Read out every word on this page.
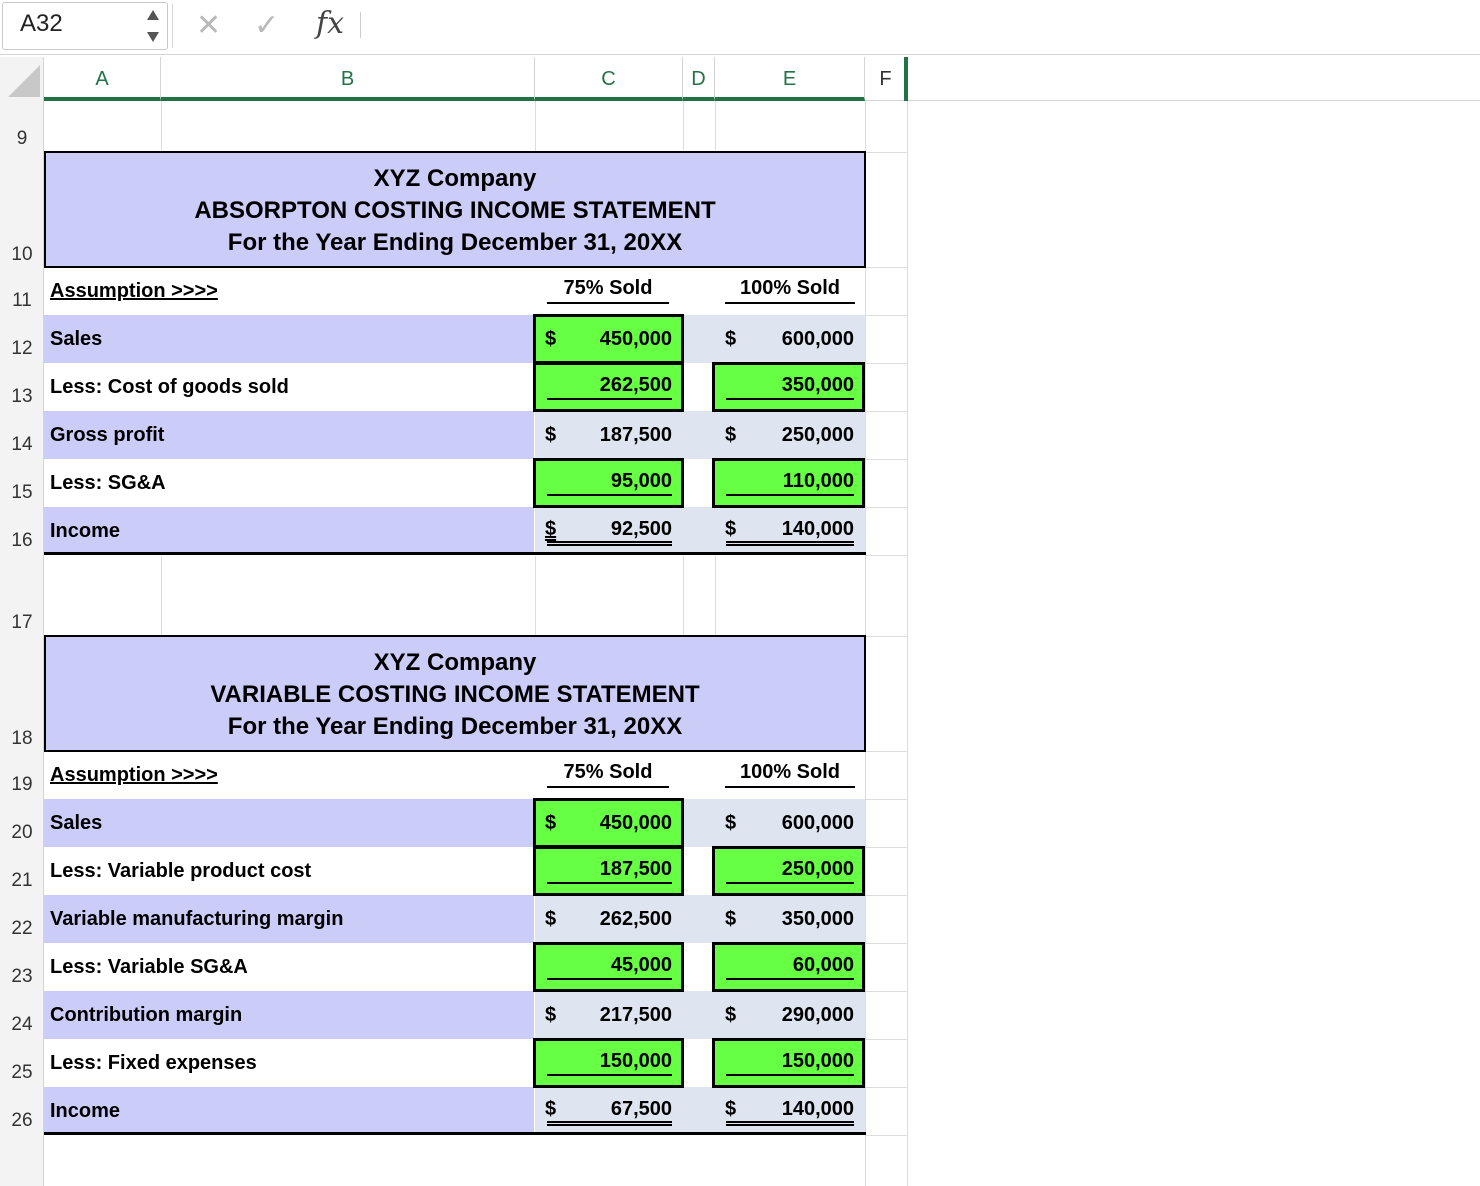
A32	✕ ✓ fx
A	B	C	D	E	F
9
10
11
12
13
14
15
16
17
18
19
20
21
22
23
24
25
26
XYZ Company
ABSORPTON COSTING INCOME STATEMENT
For the Year Ending December 31, 20XX
Assumption >>>>	75% Sold	100% Sold
Sales	$	450,000	$	600,000
Less: Cost of goods sold	262,500	350,000
Gross profit	$	187,500	$	250,000
Less: SG&A	95,000	110,000
Income	$	92,500	$	140,000
XYZ Company
VARIABLE COSTING INCOME STATEMENT
For the Year Ending December 31, 20XX
Assumption >>>>	75% Sold	100% Sold
Sales	$	450,000	$	600,000
Less: Variable product cost	187,500	250,000
Variable manufacturing margin	$	262,500	$	350,000
Less: Variable SG&A	45,000	60,000
Contribution margin	$	217,500	$	290,000
Less: Fixed expenses	150,000	150,000
Income	$	67,500	$	140,000
